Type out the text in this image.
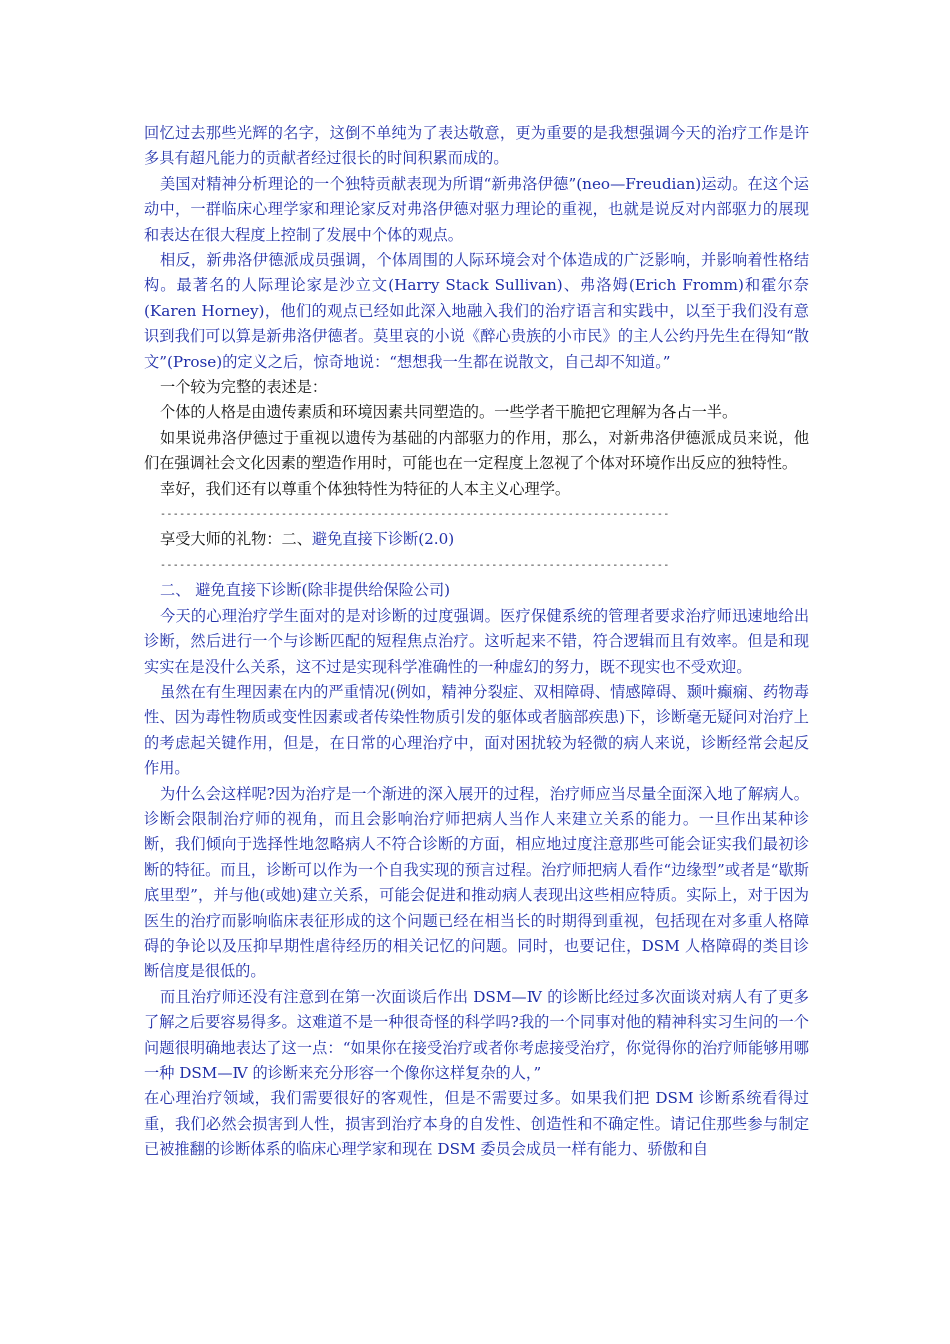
回忆过去那些光辉的名字，这倒不单纯为了表达敬意，更为重要的是我想强调今天的治疗工作是许多具有超凡能力的贡献者经过很长的时间积累而成的。

美国对精神分析理论的一个独特贡献表现为所谓“新弗洛伊德”(neo—Freudian)运动。在这个运动中，一群临床心理学家和理论家反对弗洛伊德对驱力理论的重视，也就是说反对内部驱力的展现和表达在很大程度上控制了发展中个体的观点。

相反，新弗洛伊德派成员强调，个体周围的人际环境会对个体造成的广泛影响，并影响着性格结构。最著名的人际理论家是沙立文(Harry Stack Sullivan)、弗洛姆(Erich Fromm)和霍尔奈(Karen Horney)，他们的观点已经如此深入地融入我们的治疗语言和实践中，以至于我们没有意识到我们可以算是新弗洛伊德者。莫里哀的小说《醉心贵族的小市民》的主人公约丹先生在得知“散文”(Prose)的定义之后，惊奇地说：“想想我一生都在说散文，自己却不知道。”

一个较为完整的表述是：

个体的人格是由遗传素质和环境因素共同塑造的。一些学者干脆把它理解为各占一半。

如果说弗洛伊德过于重视以遗传为基础的内部驱力的作用，那么，对新弗洛伊德派成员来说，他们在强调社会文化因素的塑造作用时，可能也在一定程度上忽视了个体对环境作出反应的独特性。

幸好，我们还有以尊重个体独特性为特征的人本主义心理学。

--------------------------------------------------------------------------------

享受大师的礼物：二、避免直接下诊断(2.0)

--------------------------------------------------------------------------------

二、 避免直接下诊断(除非提供给保险公司)

今天的心理治疗学生面对的是对诊断的过度强调。医疗保健系统的管理者要求治疗师迅速地给出诊断，然后进行一个与诊断匹配的短程焦点治疗。这听起来不错，符合逻辑而且有效率。但是和现实实在是没什么关系，这不过是实现科学准确性的一种虚幻的努力，既不现实也不受欢迎。

虽然在有生理因素在内的严重情况(例如，精神分裂症、双相障碍、情感障碍、颞叶癫痫、药物毒性、因为毒性物质或变性因素或者传染性物质引发的躯体或者脑部疾患)下，诊断毫无疑问对治疗上的考虑起关键作用，但是，在日常的心理治疗中，面对困扰较为轻微的病人来说，诊断经常会起反作用。

为什么会这样呢?因为治疗是一个渐进的深入展开的过程，治疗师应当尽量全面深入地了解病人。诊断会限制治疗师的视角，而且会影响治疗师把病人当作人来建立关系的能力。一旦作出某种诊断，我们倾向于选择性地忽略病人不符合诊断的方面，相应地过度注意那些可能会证实我们最初诊断的特征。而且，诊断可以作为一个自我实现的预言过程。治疗师把病人看作“边缘型”或者是“歇斯底里型”，并与他(或她)建立关系，可能会促进和推动病人表现出这些相应特质。实际上，对于因为医生的治疗而影响临床表征形成的这个问题已经在相当长的时期得到重视，包括现在对多重人格障碍的争论以及压抑早期性虐待经历的相关记忆的问题。同时，也要记住，DSM 人格障碍的类目诊断信度是很低的。

而且治疗师还没有注意到在第一次面谈后作出 DSM—Ⅳ 的诊断比经过多次面谈对病人有了更多了解之后要容易得多。这难道不是一种很奇怪的科学吗?我的一个同事对他的精神科实习生问的一个问题很明确地表达了这一点：“如果你在接受治疗或者你考虑接受治疗，你觉得你的治疗师能够用哪一种 DSM—Ⅳ 的诊断来充分形容一个像你这样复杂的人，”

在心理治疗领域，我们需要很好的客观性，但是不需要过多。如果我们把 DSM 诊断系统看得过重，我们必然会损害到人性，损害到治疗本身的自发性、创造性和不确定性。请记住那些参与制定已被推翻的诊断体系的临床心理学家和现在 DSM 委员会成员一样有能力、骄傲和自
